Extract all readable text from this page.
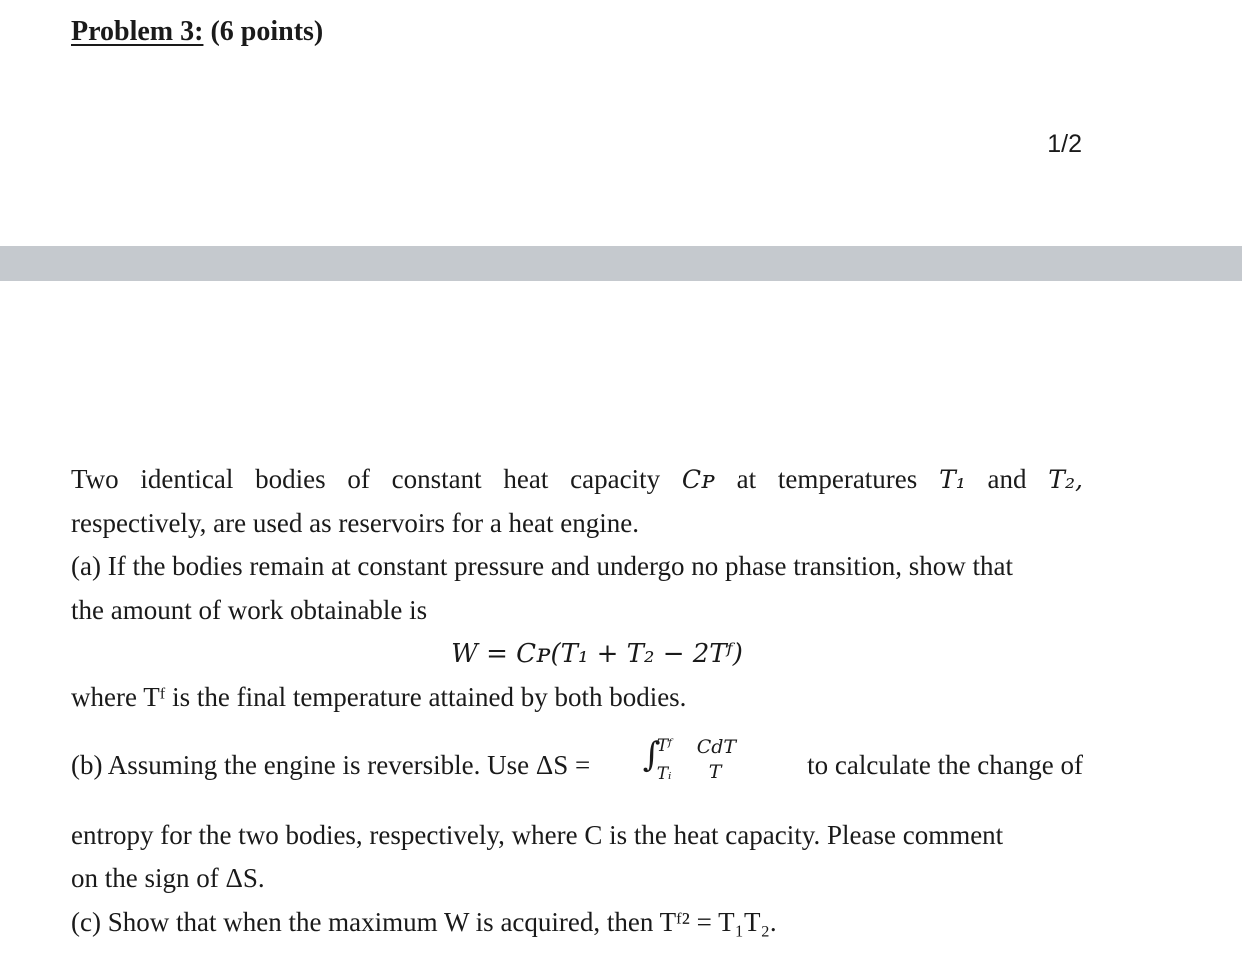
Problem 3: (6 points)
1/2
Two identical bodies of constant heat capacity Cᴩ at temperatures T₁ and T₂,
respectively, are used as reservoirs for a heat engine.
(a) If the bodies remain at constant pressure and undergo no phase transition, show that
the amount of work obtainable is
W = Cᴩ(T₁ + T₂ − 2Tᶠ)
where Tᶠ is the final temperature attained by both bodies.
(b) Assuming the engine is reversible. Use ΔS = ∫
Tᶠ
Tᵢ
CdT
T	to calculate the change of
entropy for the two bodies, respectively, where C is the heat capacity. Please comment
on the sign of ΔS.
(c) Show that when the maximum W is acquired, then Tᶠ² = T₁T₂.
